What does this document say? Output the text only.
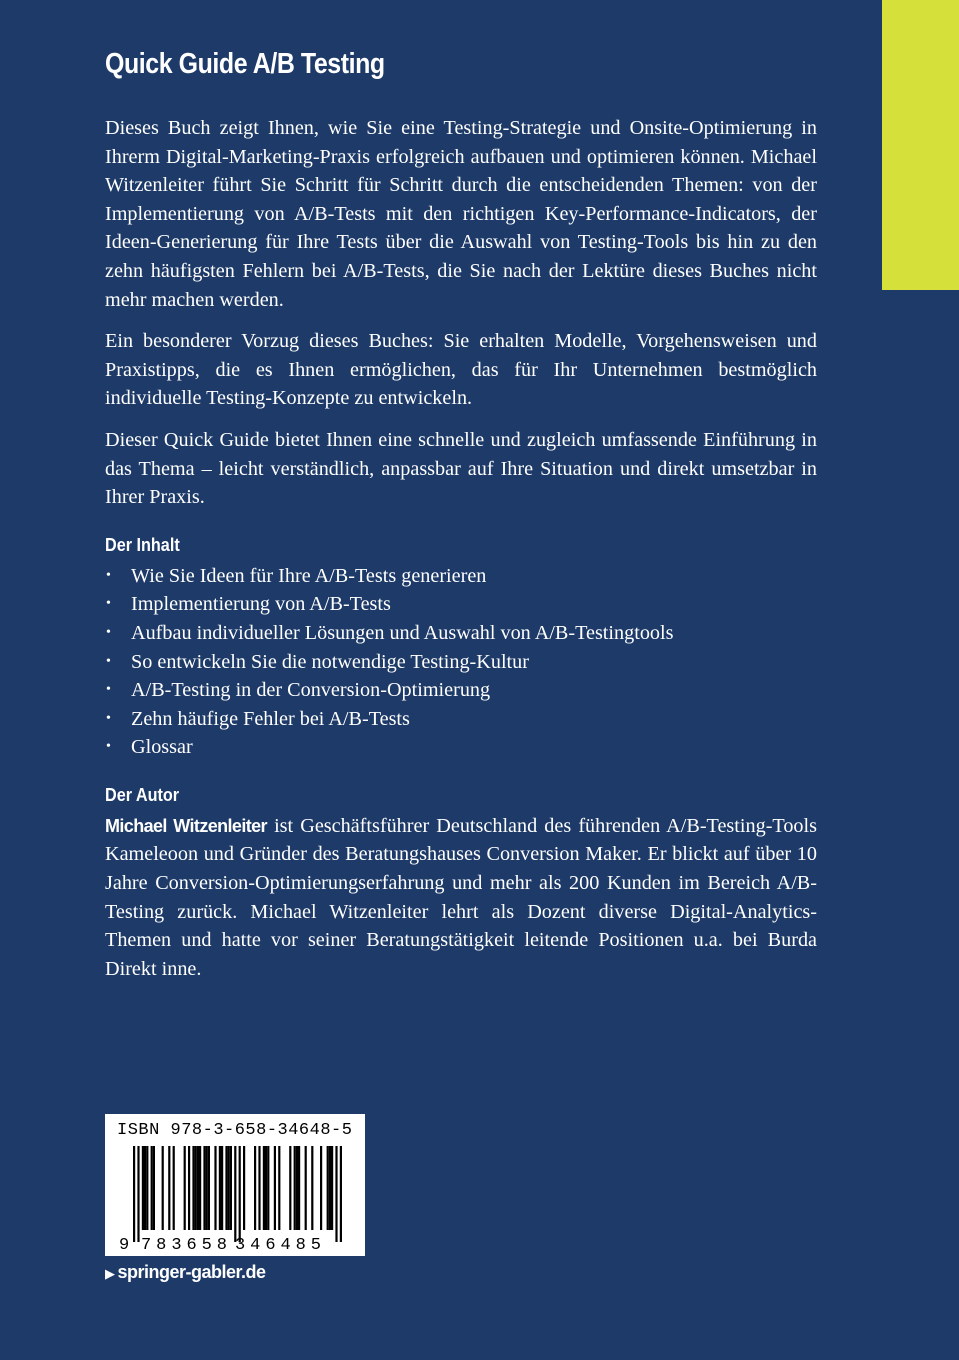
Quick Guide A/B Testing

Dieses Buch zeigt Ihnen, wie Sie eine Testing-Strategie und Onsite-Optimierung in Ihrerm Digital-Marketing-Praxis erfolgreich aufbauen und optimieren können. Michael Witzenleiter führt Sie Schritt für Schritt durch die entscheidenden Themen: von der Implementierung von A/B-Tests mit den richtigen Key-Performance-Indicators, der Ideen-Generierung für Ihre Tests über die Auswahl von Testing-Tools bis hin zu den zehn häufigsten Fehlern bei A/B-Tests, die Sie nach der Lektüre dieses Buches nicht mehr machen werden.

Ein besonderer Vorzug dieses Buches: Sie erhalten Modelle, Vorgehensweisen und Praxistipps, die es Ihnen ermöglichen, das für Ihr Unternehmen bestmöglich individuelle Testing-Konzepte zu entwickeln.

Dieser Quick Guide bietet Ihnen eine schnelle und zugleich umfassende Einführung in das Thema – leicht verständlich, anpassbar auf Ihre Situation und direkt umsetzbar in Ihrer Praxis.

Der Inhalt
• Wie Sie Ideen für Ihre A/B-Tests generieren
• Implementierung von A/B-Tests
• Aufbau individueller Lösungen und Auswahl von A/B-Testingtools
• So entwickeln Sie die notwendige Testing-Kultur
• A/B-Testing in der Conversion-Optimierung
• Zehn häufige Fehler bei A/B-Tests
• Glossar
Der Autor

Michael Witzenleiter ist Geschäftsführer Deutschland des führenden A/B-Testing-Tools Kameleoon und Gründer des Beratungshauses Conversion Maker. Er blickt auf über 10 Jahre Conversion-Optimierungserfahrung und mehr als 200 Kunden im Bereich A/B-Testing zurück. Michael Witzenleiter lehrt als Dozent diverse Digital-Analytics-Themen und hatte vor seiner Beratungstätigkeit leitende Positionen u.a. bei Burda Direkt inne.

ISBN 978-3-658-34648-5
9 783658 346485
▶ springer-gabler.de
